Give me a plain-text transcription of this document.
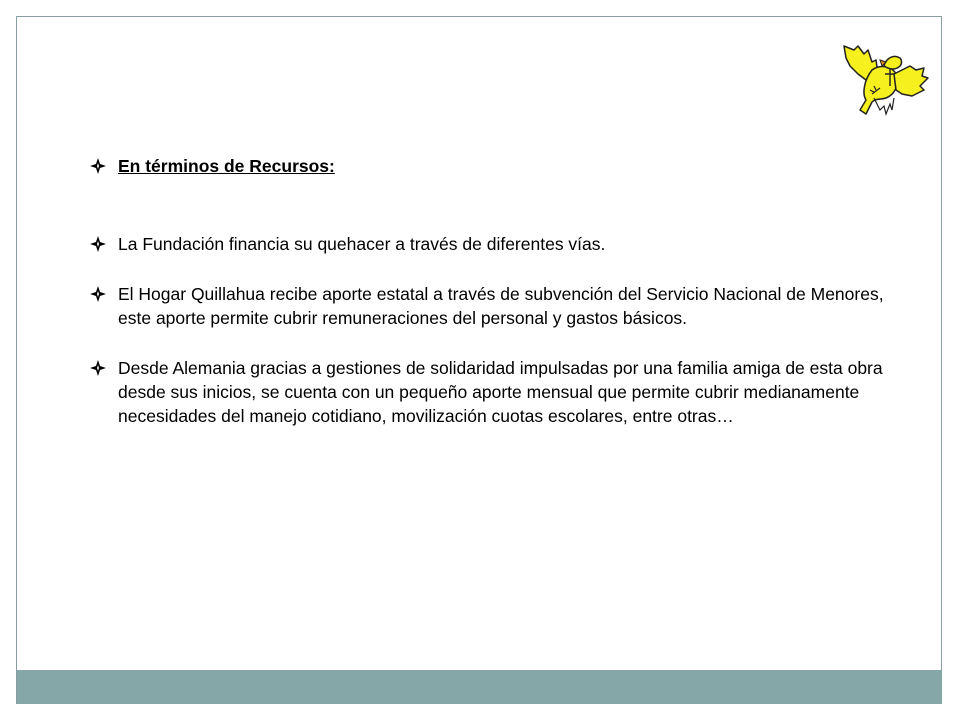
En términos de Recursos:
La Fundación financia su quehacer a través de diferentes vías.
El Hogar Quillahua recibe aporte estatal a través de subvención del Servicio Nacional de Menores, este aporte permite cubrir remuneraciones del personal y gastos básicos.
Desde Alemania gracias a gestiones de solidaridad impulsadas por una familia amiga de esta obra desde sus inicios, se cuenta con un pequeño aporte mensual que permite cubrir medianamente necesidades del manejo cotidiano, movilización cuotas escolares, entre otras…
